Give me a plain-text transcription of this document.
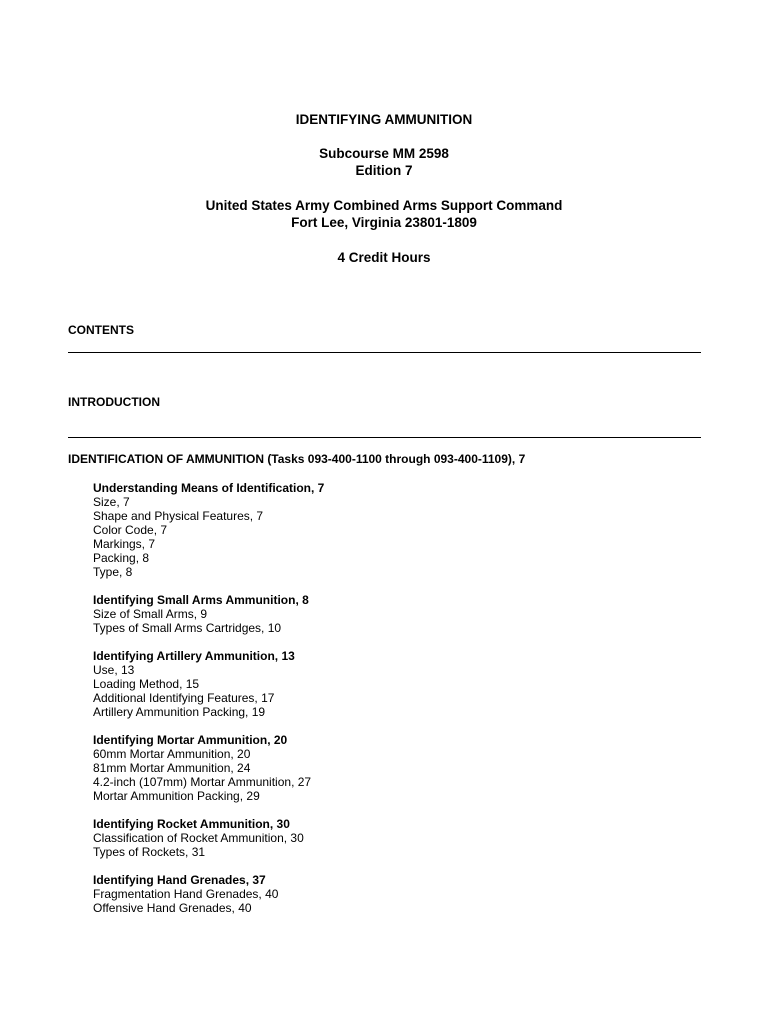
IDENTIFYING AMMUNITION
Subcourse MM 2598
Edition 7
United States Army Combined Arms Support Command
Fort Lee, Virginia 23801-1809
4 Credit Hours
CONTENTS
INTRODUCTION
IDENTIFICATION OF AMMUNITION (Tasks 093-400-1100 through 093-400-1109), 7
Understanding Means of Identification, 7
Size, 7
Shape and Physical Features, 7
Color Code, 7
Markings, 7
Packing, 8
Type, 8
Identifying Small Arms Ammunition, 8
Size of Small Arms, 9
Types of Small Arms Cartridges, 10
Identifying Artillery Ammunition, 13
Use, 13
Loading Method, 15
Additional Identifying Features, 17
Artillery Ammunition Packing, 19
Identifying Mortar Ammunition, 20
60mm Mortar Ammunition, 20
81mm Mortar Ammunition, 24
4.2-inch (107mm) Mortar Ammunition, 27
Mortar Ammunition Packing, 29
Identifying Rocket Ammunition, 30
Classification of Rocket Ammunition, 30
Types of Rockets, 31
Identifying Hand Grenades, 37
Fragmentation Hand Grenades, 40
Offensive Hand Grenades, 40
